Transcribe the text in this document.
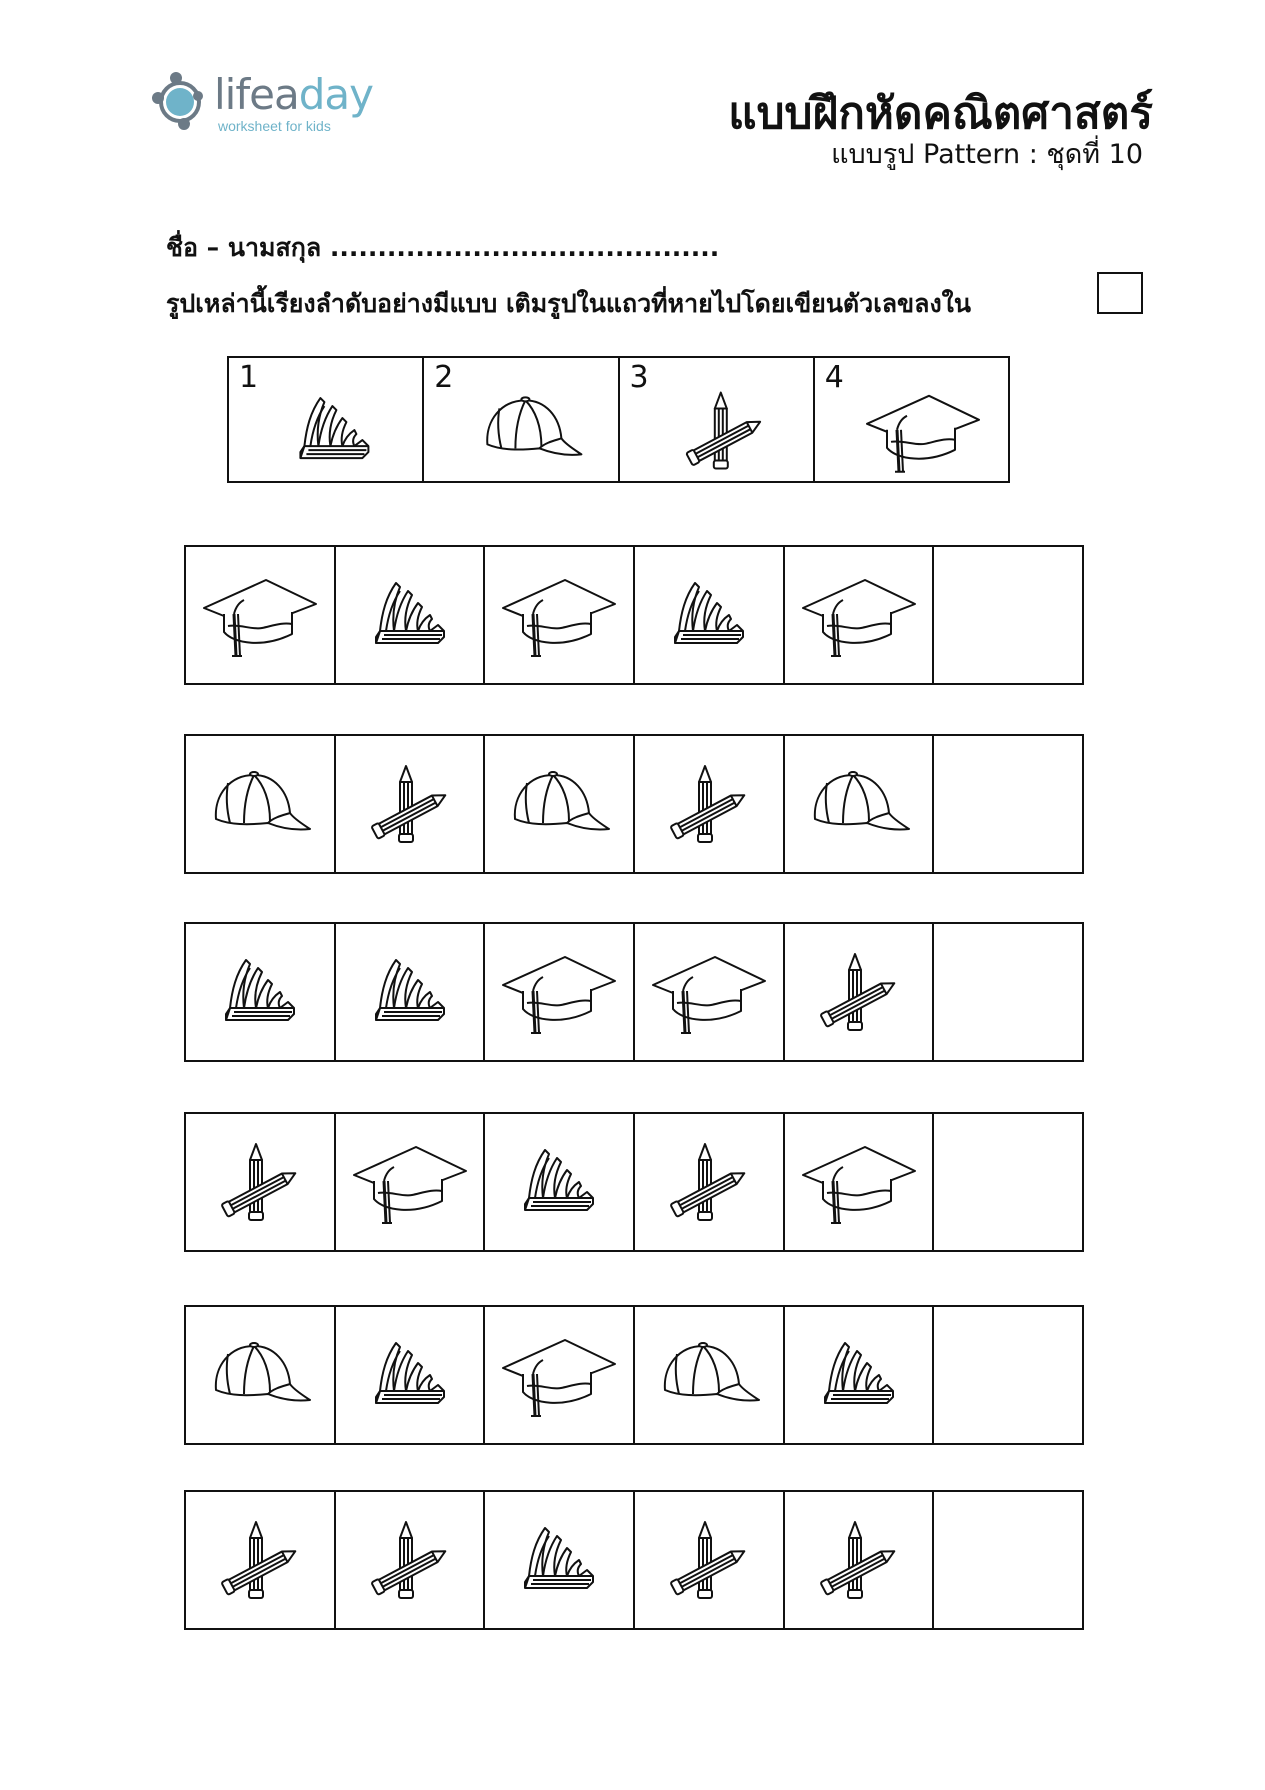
lifeaday
worksheet for kids	แบบฝึกหัดคณิตศาสตร์
แบบรูป Pattern : ชุดที่ 10
ชื่อ – นามสกุล .........................................
รูปเหล่านี้เรียงลำดับอย่างมีแบบ เติมรูปในแถวที่หายไปโดยเขียนตัวเลขลงใน
1	2	3	4
